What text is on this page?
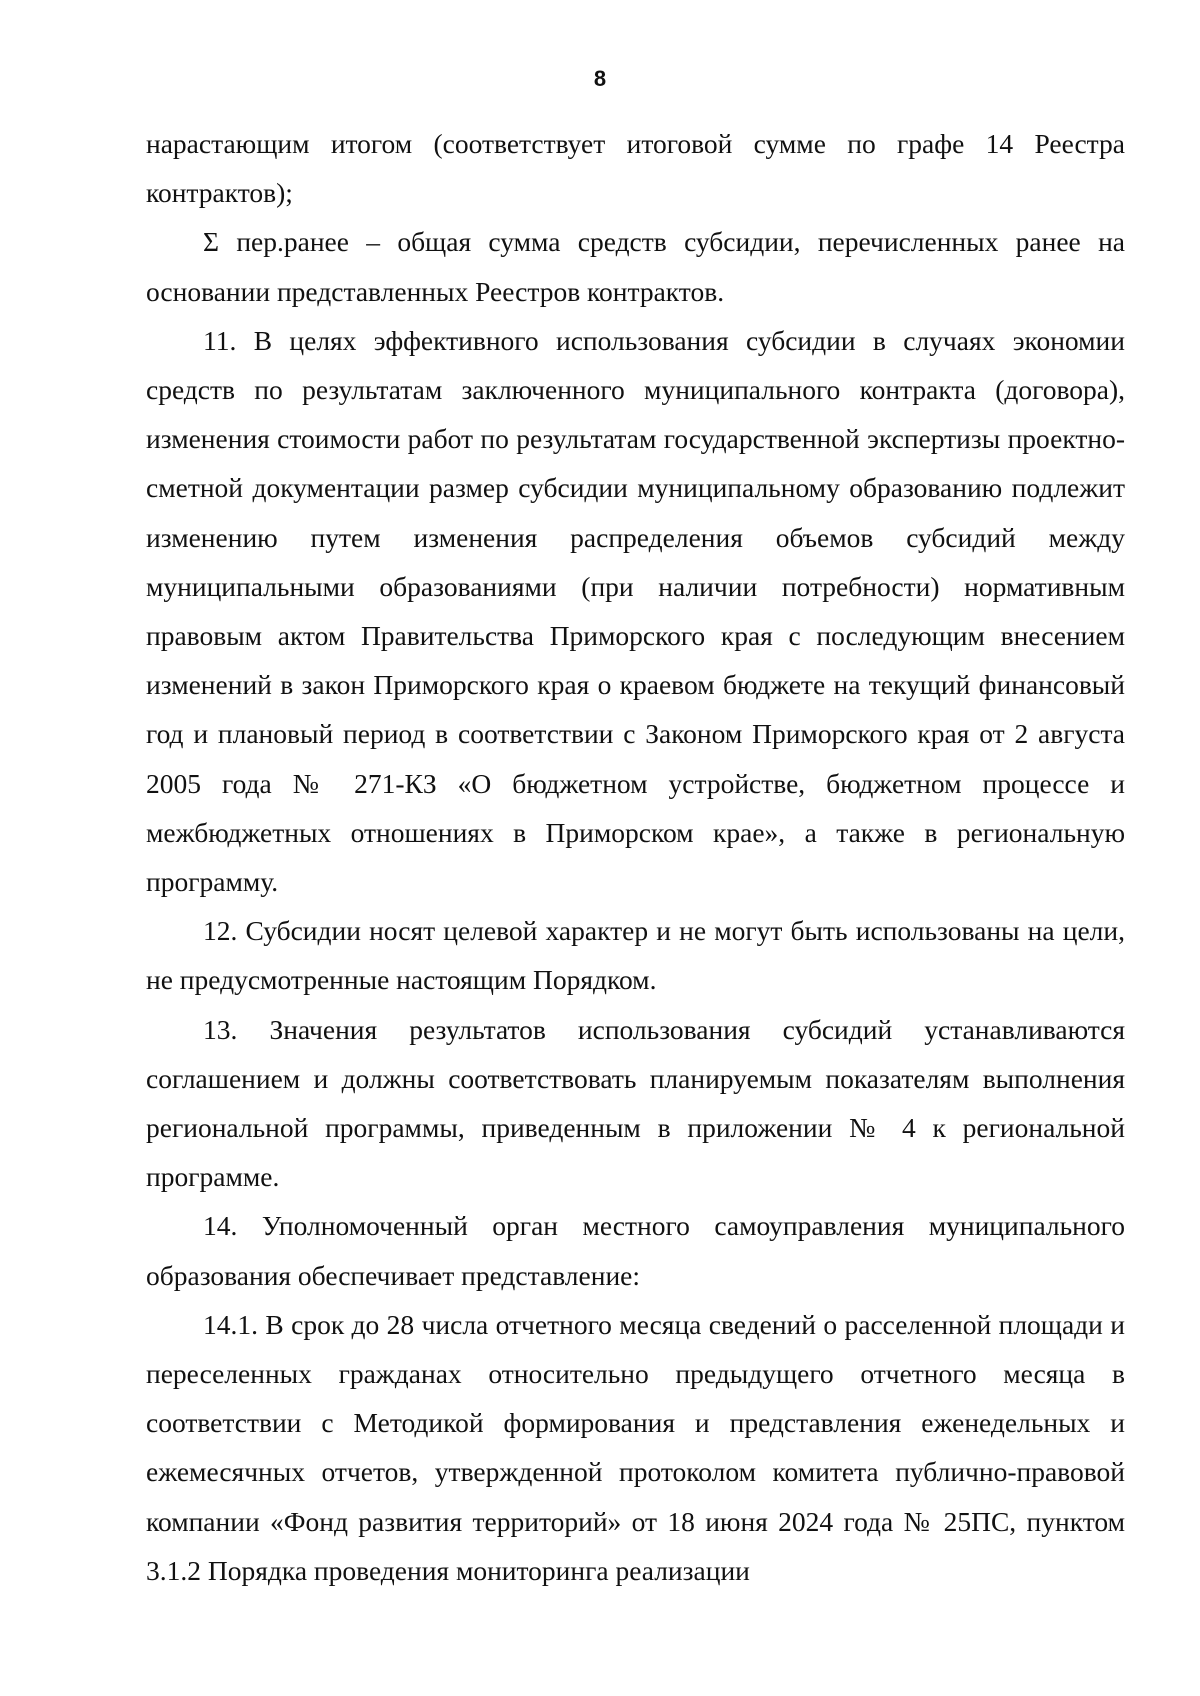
8

нарастающим итогом (соответствует итоговой сумме по графе 14 Реестра контрактов);

Σ пер.ранее – общая сумма средств субсидии, перечисленных ранее на основании представленных Реестров контрактов.

11. В целях эффективного использования субсидии в случаях экономии средств по результатам заключенного муниципального контракта (договора), изменения стоимости работ по результатам государственной экспертизы проектно-сметной документации размер субсидии муниципальному образованию подлежит изменению путем изменения распределения объемов субсидий между муниципальными образованиями (при наличии потребности) нормативным правовым актом Правительства Приморского края с последующим внесением изменений в закон Приморского края о краевом бюджете на текущий финансовый год и плановый период в соответствии с Законом Приморского края от 2 августа 2005 года № 271-КЗ «О бюджетном устройстве, бюджетном процессе и межбюджетных отношениях в Приморском крае», а также в региональную программу.

12. Субсидии носят целевой характер и не могут быть использованы на цели, не предусмотренные настоящим Порядком.

13. Значения результатов использования субсидий устанавливаются соглашением и должны соответствовать планируемым показателям выполнения региональной программы, приведенным в приложении № 4 к региональной программе.

14. Уполномоченный орган местного самоуправления муниципального образования обеспечивает представление:

14.1. В срок до 28 числа отчетного месяца сведений о расселенной площади и переселенных гражданах относительно предыдущего отчетного месяца в соответствии с Методикой формирования и представления еженедельных и ежемесячных отчетов, утвержденной протоколом комитета публично-правовой компании «Фонд развития территорий» от 18 июня 2024 года № 25ПС, пунктом 3.1.2 Порядка проведения мониторинга реализации
